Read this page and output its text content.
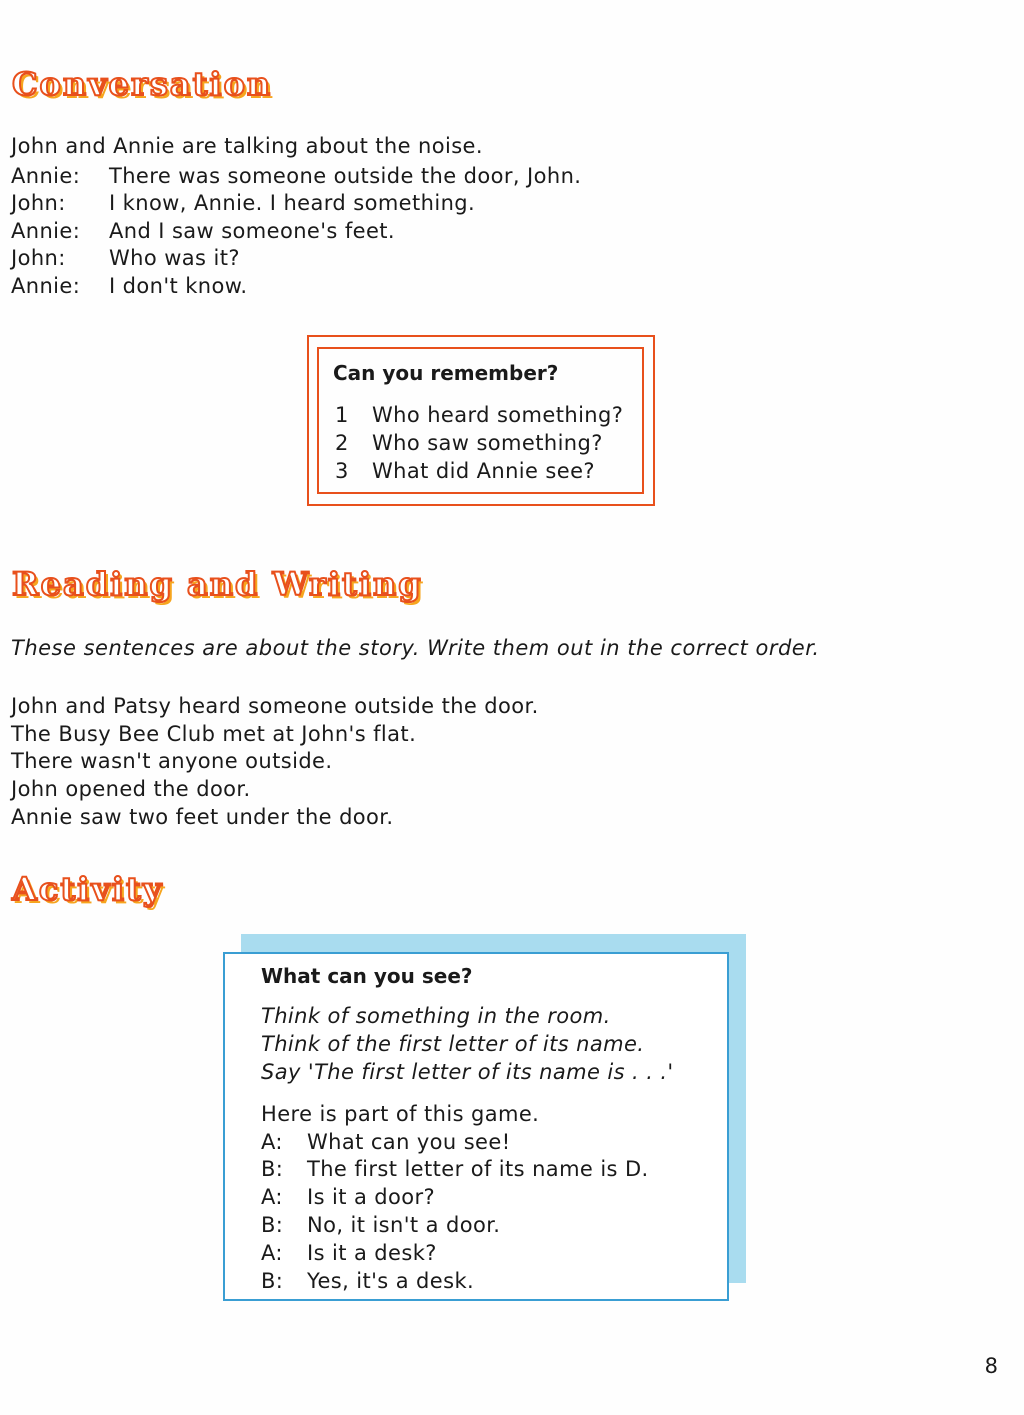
Conversation

John and Annie are talking about the noise.

Annie:	There was someone outside the door, John.
John:	I know, Annie. I heard something.
Annie:	And I saw someone's feet.
John:	Who was it?
Annie:	I don't know.

Can you remember?

1	Who heard something?
2	Who saw something?
3	What did Annie see?
Reading and Writing

These sentences are about the story. Write them out in the correct order.

John and Patsy heard someone outside the door.
The Busy Bee Club met at John's flat.
There wasn't anyone outside.
John opened the door.
Annie saw two feet under the door.
Activity

What can you see?

Think of something in the room.
Think of the first letter of its name.
Say 'The first letter of its name is . . .'
Here is part of this game.
A:	What can you see!
B:	The first letter of its name is D.
A:	Is it a door?
B:	No, it isn't a door.
A:	Is it a desk?
B:	Yes, it's a desk.

8
